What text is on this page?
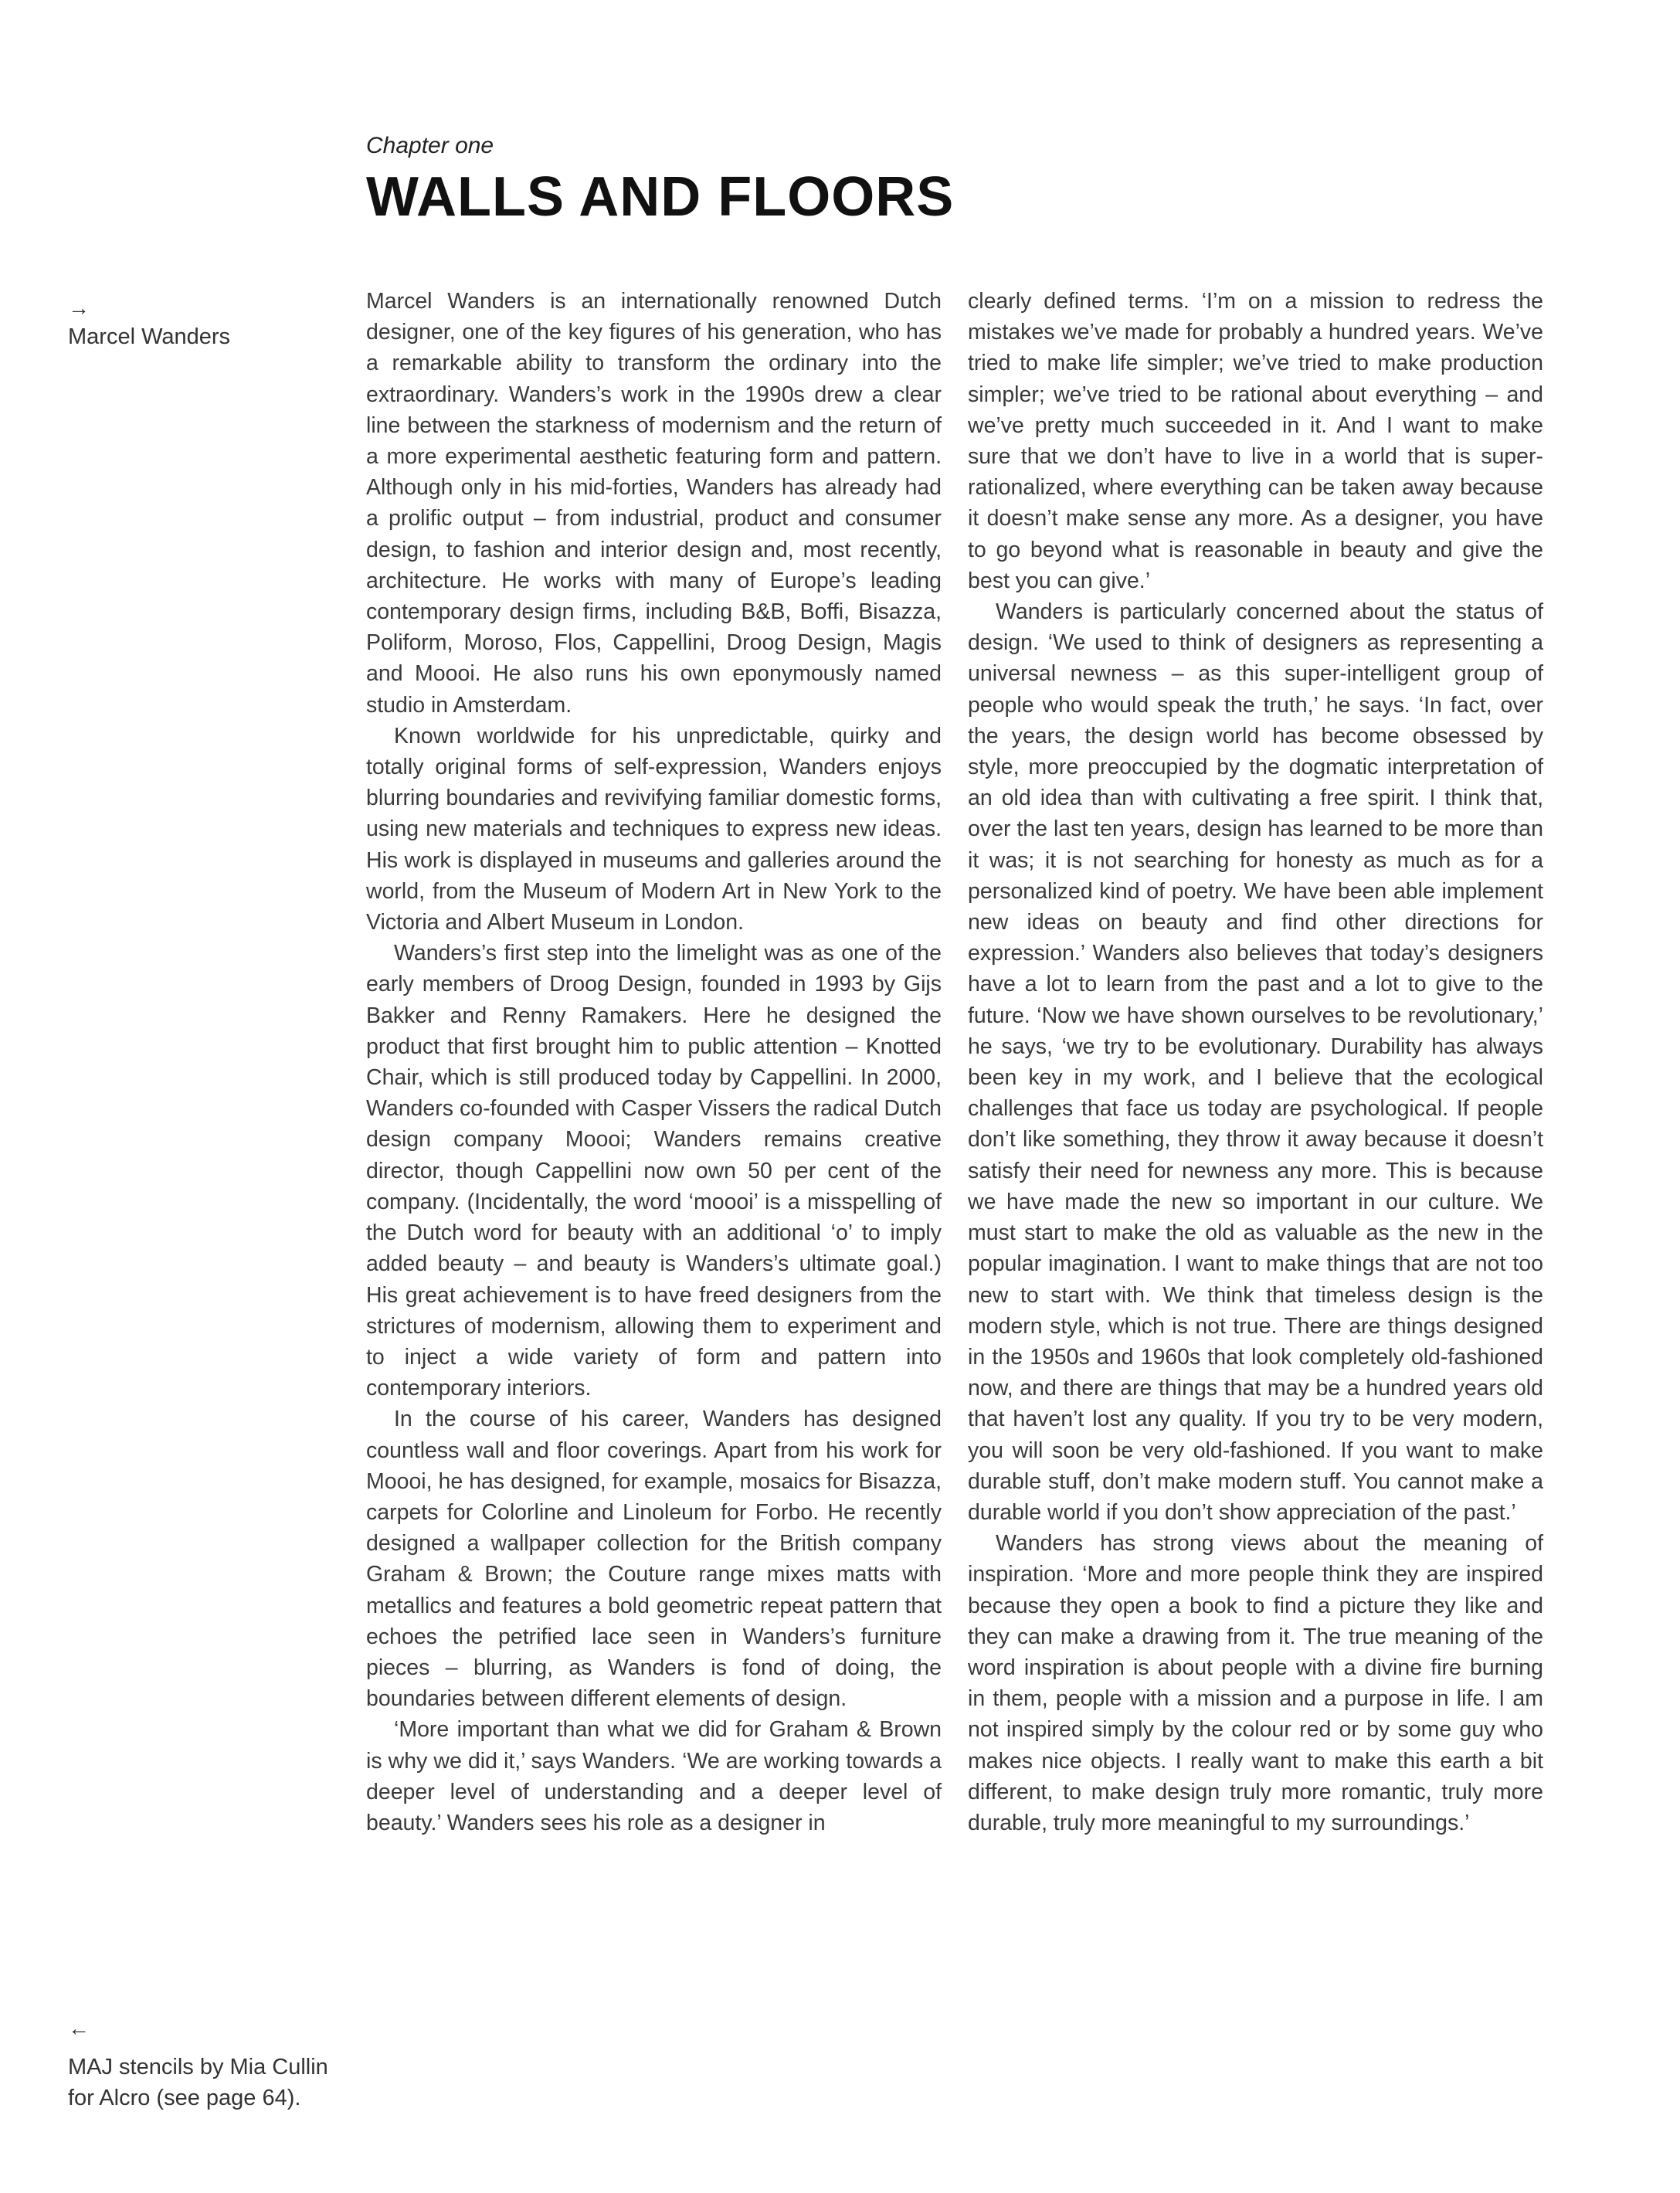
Chapter one
WALLS AND FLOORS
→
Marcel Wanders
←
MAJ stencils by Mia Cullin
for Alcro (see page 64).

Marcel Wanders is an internationally renowned Dutch designer, one of the key figures of his generation, who has a remarkable ability to transform the ordinary into the extraordinary. Wanders’s work in the 1990s drew a clear line between the starkness of modernism and the return of a more experimental aesthetic featuring form and pattern. Although only in his mid-forties, Wanders has already had a prolific output – from industrial, product and consumer design, to fashion and interior design and, most recently, architecture. He works with many of Europe’s leading contemporary design firms, including B&B, Boffi, Bisazza, Poliform, Moroso, Flos, Cappellini, Droog Design, Magis and Moooi. He also runs his own eponymously named studio in Amsterdam.

Known worldwide for his unpredictable, quirky and totally original forms of self-expression, Wanders enjoys blurring boundaries and revivifying familiar domestic forms, using new materials and techniques to express new ideas. His work is displayed in museums and galleries around the world, from the Museum of Modern Art in New York to the Victoria and Albert Museum in London.

Wanders’s first step into the limelight was as one of the early members of Droog Design, founded in 1993 by Gijs Bakker and Renny Ramakers. Here he designed the product that first brought him to public attention – Knotted Chair, which is still produced today by Cappellini. In 2000, Wanders co-founded with Casper Vissers the radical Dutch design company Moooi; Wanders remains creative director, though Cappellini now own 50 per cent of the company. (Incidentally, the word ‘moooi’ is a misspelling of the Dutch word for beauty with an additional ‘o’ to imply added beauty – and beauty is Wanders’s ultimate goal.) His great achievement is to have freed designers from the strictures of modernism, allowing them to experiment and to inject a wide variety of form and pattern into contemporary interiors.

In the course of his career, Wanders has designed countless wall and floor coverings. Apart from his work for Moooi, he has designed, for example, mosaics for Bisazza, carpets for Colorline and Linoleum for Forbo. He recently designed a wallpaper collection for the British company Graham & Brown; the Couture range mixes matts with metallics and features a bold geometric repeat pattern that echoes the petrified lace seen in Wanders’s furniture pieces – blurring, as Wanders is fond of doing, the boundaries between different elements of design.

‘More important than what we did for Graham & Brown is why we did it,’ says Wanders. ‘We are working towards a deeper level of understanding and a deeper level of beauty.’ Wanders sees his role as a designer in

clearly defined terms. ‘I’m on a mission to redress the mistakes we’ve made for probably a hundred years. We’ve tried to make life simpler; we’ve tried to make production simpler; we’ve tried to be rational about everything – and we’ve pretty much succeeded in it. And I want to make sure that we don’t have to live in a world that is super-rationalized, where everything can be taken away because it doesn’t make sense any more. As a designer, you have to go beyond what is reasonable in beauty and give the best you can give.’

Wanders is particularly concerned about the status of design. ‘We used to think of designers as representing a universal newness – as this super-intelligent group of people who would speak the truth,’ he says. ‘In fact, over the years, the design world has become obsessed by style, more preoccupied by the dogmatic interpretation of an old idea than with cultivating a free spirit. I think that, over the last ten years, design has learned to be more than it was; it is not searching for honesty as much as for a personalized kind of poetry. We have been able implement new ideas on beauty and find other directions for expression.’ Wanders also believes that today’s designers have a lot to learn from the past and a lot to give to the future. ‘Now we have shown ourselves to be revolutionary,’ he says, ‘we try to be evolutionary. Durability has always been key in my work, and I believe that the ecological challenges that face us today are psychological. If people don’t like something, they throw it away because it doesn’t satisfy their need for newness any more. This is because we have made the new so important in our culture. We must start to make the old as valuable as the new in the popular imagination. I want to make things that are not too new to start with. We think that timeless design is the modern style, which is not true. There are things designed in the 1950s and 1960s that look completely old-fashioned now, and there are things that may be a hundred years old that haven’t lost any quality. If you try to be very modern, you will soon be very old-fashioned. If you want to make durable stuff, don’t make modern stuff. You cannot make a durable world if you don’t show appreciation of the past.’

Wanders has strong views about the meaning of inspiration. ‘More and more people think they are inspired because they open a book to find a picture they like and they can make a drawing from it. The true meaning of the word inspiration is about people with a divine fire burning in them, people with a mission and a purpose in life. I am not inspired simply by the colour red or by some guy who makes nice objects. I really want to make this earth a bit different, to make design truly more romantic, truly more durable, truly more meaningful to my surroundings.’
